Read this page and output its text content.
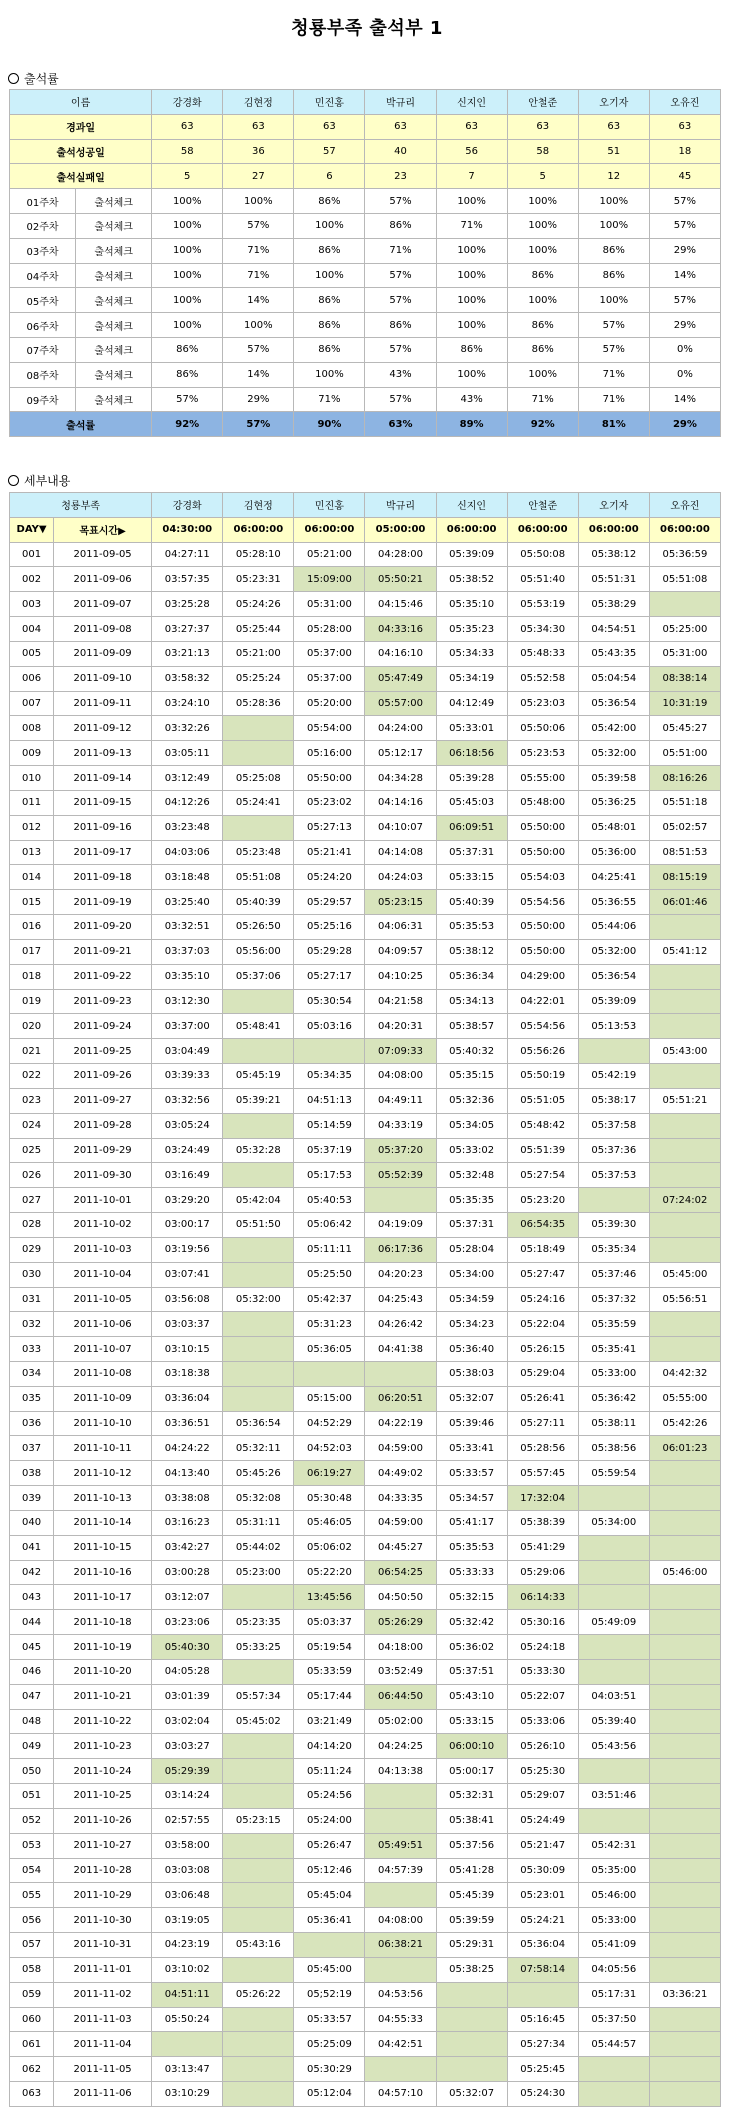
청룡부족 출석부 1
출석률
이름		강경화	김현정	민진홍	박규리	신지인	안철준	오기자	오유진
경과일		63	63	63	63	63	63	63	63
출석성공일		58	36	57	40	56	58	51	18
출석실패일		5	27	6	23	7	5	12	45
01주차	출석체크	100%	100%	86%	57%	100%	100%	100%	57%
02주차	출석체크	100%	57%	100%	86%	71%	100%	100%	57%
03주차	출석체크	100%	71%	86%	71%	100%	100%	86%	29%
04주차	출석체크	100%	71%	100%	57%	100%	86%	86%	14%
05주차	출석체크	100%	14%	86%	57%	100%	100%	100%	57%
06주차	출석체크	100%	100%	86%	86%	100%	86%	57%	29%
07주차	출석체크	86%	57%	86%	57%	86%	86%	57%	0%
08주차	출석체크	86%	14%	100%	43%	100%	100%	71%	0%
09주차	출석체크	57%	29%	71%	57%	43%	71%	71%	14%
출석률		92%	57%	90%	63%	89%	92%	81%	29%
세부내용
청룡부족		강경화	김현정	민진홍	박규리	신지인	안철준	오기자	오유진
DAY▼	목표시간▶	04:30:00	06:00:00	06:00:00	05:00:00	06:00:00	06:00:00	06:00:00	06:00:00
001	2011-09-05	04:27:11	05:28:10	05:21:00	04:28:00	05:39:09	05:50:08	05:38:12	05:36:59
002	2011-09-06	03:57:35	05:23:31	15:09:00	05:50:21	05:38:52	05:51:40	05:51:31	05:51:08
003	2011-09-07	03:25:28	05:24:26	05:31:00	04:15:46	05:35:10	05:53:19	05:38:29	
004	2011-09-08	03:27:37	05:25:44	05:28:00	04:33:16	05:35:23	05:34:30	04:54:51	05:25:00
005	2011-09-09	03:21:13	05:21:00	05:37:00	04:16:10	05:34:33	05:48:33	05:43:35	05:31:00
006	2011-09-10	03:58:32	05:25:24	05:37:00	05:47:49	05:34:19	05:52:58	05:04:54	08:38:14
007	2011-09-11	03:24:10	05:28:36	05:20:00	05:57:00	04:12:49	05:23:03	05:36:54	10:31:19
008	2011-09-12	03:32:26		05:54:00	04:24:00	05:33:01	05:50:06	05:42:00	05:45:27
009	2011-09-13	03:05:11		05:16:00	05:12:17	06:18:56	05:23:53	05:32:00	05:51:00
010	2011-09-14	03:12:49	05:25:08	05:50:00	04:34:28	05:39:28	05:55:00	05:39:58	08:16:26
011	2011-09-15	04:12:26	05:24:41	05:23:02	04:14:16	05:45:03	05:48:00	05:36:25	05:51:18
012	2011-09-16	03:23:48		05:27:13	04:10:07	06:09:51	05:50:00	05:48:01	05:02:57
013	2011-09-17	04:03:06	05:23:48	05:21:41	04:14:08	05:37:31	05:50:00	05:36:00	08:51:53
014	2011-09-18	03:18:48	05:51:08	05:24:20	04:24:03	05:33:15	05:54:03	04:25:41	08:15:19
015	2011-09-19	03:25:40	05:40:39	05:29:57	05:23:15	05:40:39	05:54:56	05:36:55	06:01:46
016	2011-09-20	03:32:51	05:26:50	05:25:16	04:06:31	05:35:53	05:50:00	05:44:06	
017	2011-09-21	03:37:03	05:56:00	05:29:28	04:09:57	05:38:12	05:50:00	05:32:00	05:41:12
018	2011-09-22	03:35:10	05:37:06	05:27:17	04:10:25	05:36:34	04:29:00	05:36:54	
019	2011-09-23	03:12:30		05:30:54	04:21:58	05:34:13	04:22:01	05:39:09	
020	2011-09-24	03:37:00	05:48:41	05:03:16	04:20:31	05:38:57	05:54:56	05:13:53	
021	2011-09-25	03:04:49			07:09:33	05:40:32	05:56:26		05:43:00
022	2011-09-26	03:39:33	05:45:19	05:34:35	04:08:00	05:35:15	05:50:19	05:42:19	
023	2011-09-27	03:32:56	05:39:21	04:51:13	04:49:11	05:32:36	05:51:05	05:38:17	05:51:21
024	2011-09-28	03:05:24		05:14:59	04:33:19	05:34:05	05:48:42	05:37:58	
025	2011-09-29	03:24:49	05:32:28	05:37:19	05:37:20	05:33:02	05:51:39	05:37:36	
026	2011-09-30	03:16:49		05:17:53	05:52:39	05:32:48	05:27:54	05:37:53	
027	2011-10-01	03:29:20	05:42:04	05:40:53		05:35:35	05:23:20		07:24:02
028	2011-10-02	03:00:17	05:51:50	05:06:42	04:19:09	05:37:31	06:54:35	05:39:30	
029	2011-10-03	03:19:56		05:11:11	06:17:36	05:28:04	05:18:49	05:35:34	
030	2011-10-04	03:07:41		05:25:50	04:20:23	05:34:00	05:27:47	05:37:46	05:45:00
031	2011-10-05	03:56:08	05:32:00	05:42:37	04:25:43	05:34:59	05:24:16	05:37:32	05:56:51
032	2011-10-06	03:03:37		05:31:23	04:26:42	05:34:23	05:22:04	05:35:59	
033	2011-10-07	03:10:15		05:36:05	04:41:38	05:36:40	05:26:15	05:35:41	
034	2011-10-08	03:18:38				05:38:03	05:29:04	05:33:00	04:42:32
035	2011-10-09	03:36:04		05:15:00	06:20:51	05:32:07	05:26:41	05:36:42	05:55:00
036	2011-10-10	03:36:51	05:36:54	04:52:29	04:22:19	05:39:46	05:27:11	05:38:11	05:42:26
037	2011-10-11	04:24:22	05:32:11	04:52:03	04:59:00	05:33:41	05:28:56	05:38:56	06:01:23
038	2011-10-12	04:13:40	05:45:26	06:19:27	04:49:02	05:33:57	05:57:45	05:59:54	
039	2011-10-13	03:38:08	05:32:08	05:30:48	04:33:35	05:34:57	17:32:04		
040	2011-10-14	03:16:23	05:31:11	05:46:05	04:59:00	05:41:17	05:38:39	05:34:00	
041	2011-10-15	03:42:27	05:44:02	05:06:02	04:45:27	05:35:53	05:41:29		
042	2011-10-16	03:00:28	05:23:00	05:22:20	06:54:25	05:33:33	05:29:06		05:46:00
043	2011-10-17	03:12:07		13:45:56	04:50:50	05:32:15	06:14:33		
044	2011-10-18	03:23:06	05:23:35	05:03:37	05:26:29	05:32:42	05:30:16	05:49:09	
045	2011-10-19	05:40:30	05:33:25	05:19:54	04:18:00	05:36:02	05:24:18		
046	2011-10-20	04:05:28		05:33:59	03:52:49	05:37:51	05:33:30		
047	2011-10-21	03:01:39	05:57:34	05:17:44	06:44:50	05:43:10	05:22:07	04:03:51	
048	2011-10-22	03:02:04	05:45:02	03:21:49	05:02:00	05:33:15	05:33:06	05:39:40	
049	2011-10-23	03:03:27		04:14:20	04:24:25	06:00:10	05:26:10	05:43:56	
050	2011-10-24	05:29:39		05:11:24	04:13:38	05:00:17	05:25:30		
051	2011-10-25	03:14:24		05:24:56		05:32:31	05:29:07	03:51:46	
052	2011-10-26	02:57:55	05:23:15	05:24:00		05:38:41	05:24:49		
053	2011-10-27	03:58:00		05:26:47	05:49:51	05:37:56	05:21:47	05:42:31	
054	2011-10-28	03:03:08		05:12:46	04:57:39	05:41:28	05:30:09	05:35:00	
055	2011-10-29	03:06:48		05:45:04		05:45:39	05:23:01	05:46:00	
056	2011-10-30	03:19:05		05:36:41	04:08:00	05:39:59	05:24:21	05:33:00	
057	2011-10-31	04:23:19	05:43:16		06:38:21	05:29:31	05:36:04	05:41:09	
058	2011-11-01	03:10:02		05:45:00		05:38:25	07:58:14	04:05:56	
059	2011-11-02	04:51:11	05:26:22	05;52:19	04:53:56			05:17:31	03:36:21
060	2011-11-03	05:50:24		05:33:57	04:55:33		05:16:45	05:37:50	
061	2011-11-04			05:25:09	04:42:51		05:27:34	05:44:57	
062	2011-11-05	03:13:47		05:30:29			05:25:45		
063	2011-11-06	03:10:29		05:12:04	04:57:10	05:32:07	05:24:30		
